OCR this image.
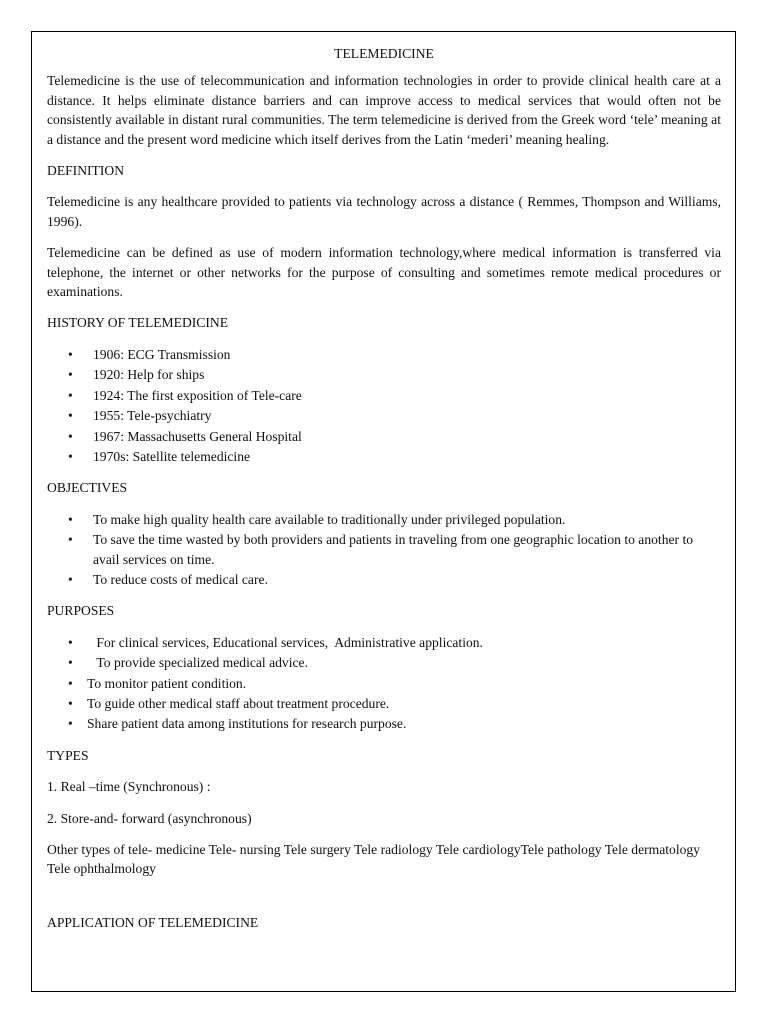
TELEMEDICINE

Telemedicine is the use of telecommunication and information technologies in order to provide clinical health care at a distance. It helps eliminate distance barriers and can improve access to medical services that would often not be consistently available in distant rural communities. The term telemedicine is derived from the Greek word ‘tele’ meaning at a distance and the present word medicine which itself derives from the Latin ‘mederi’ meaning healing.

DEFINITION

Telemedicine is any healthcare provided to patients via technology across a distance ( Remmes, Thompson and Williams, 1996).

Telemedicine can be defined as use of modern information technology,where medical information is transferred via telephone, the internet or other networks for the purpose of consulting and sometimes remote medical procedures or examinations.

HISTORY OF TELEMEDICINE
• 1906: ECG Transmission
• 1920: Help for ships
• 1924: The first exposition of Tele-care
• 1955: Tele-psychiatry
• 1967: Massachusetts General Hospital
• 1970s: Satellite telemedicine
OBJECTIVES
• To make high quality health care available to traditionally under privileged population.
• To save the time wasted by both providers and patients in traveling from one geographic location to another to avail services on time.
• To reduce costs of medical care.
PURPOSES
•  For clinical services, Educational services,  Administrative application.
•  To provide specialized medical advice.
• To monitor patient condition.
• To guide other medical staff about treatment procedure.
• Share patient data among institutions for research purpose.
TYPES

1. Real –time (Synchronous) :

2. Store-and- forward (asynchronous)

Other types of tele- medicine Tele- nursing Tele surgery Tele radiology Tele cardiologyTele pathology Tele dermatology Tele ophthalmology

APPLICATION OF TELEMEDICINE
